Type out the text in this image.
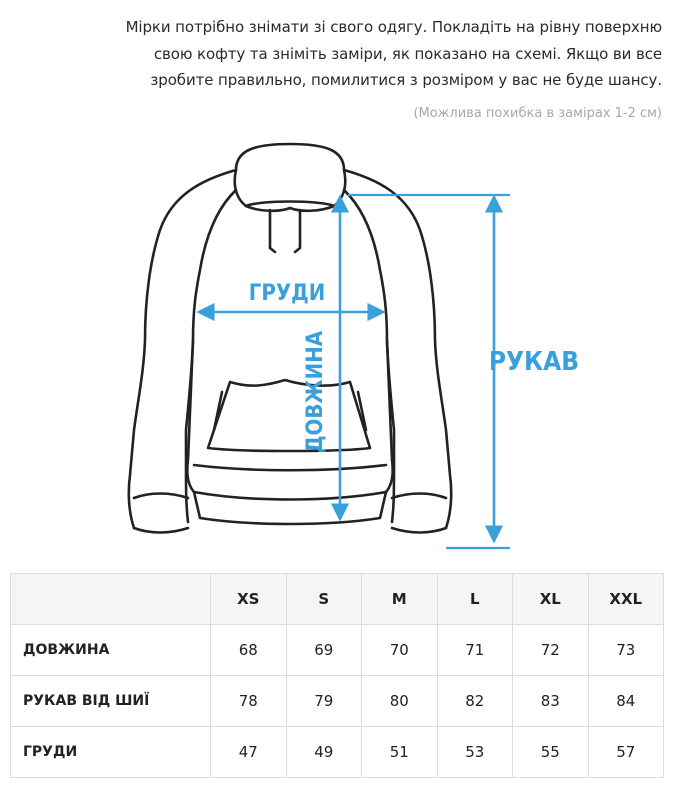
Мірки потрібно знімати зі свого одягу. Покладіть на рівну поверхню
свою кофту та зніміть заміри, як показано на схемі. Якщо ви все
зробите правильно, помилитися з розміром у вас не буде шансу.
(Можлива похибка в замірах 1-2 см)
ГРУДИ
ДОВЖИНА	РУКАВ
	XS	S	M	L	XL	XXL
ДОВЖИНА	68	69	70	71	72	73
РУКАВ ВІД ШИЇ	78	79	80	82	83	84
ГРУДИ	47	49	51	53	55	57
